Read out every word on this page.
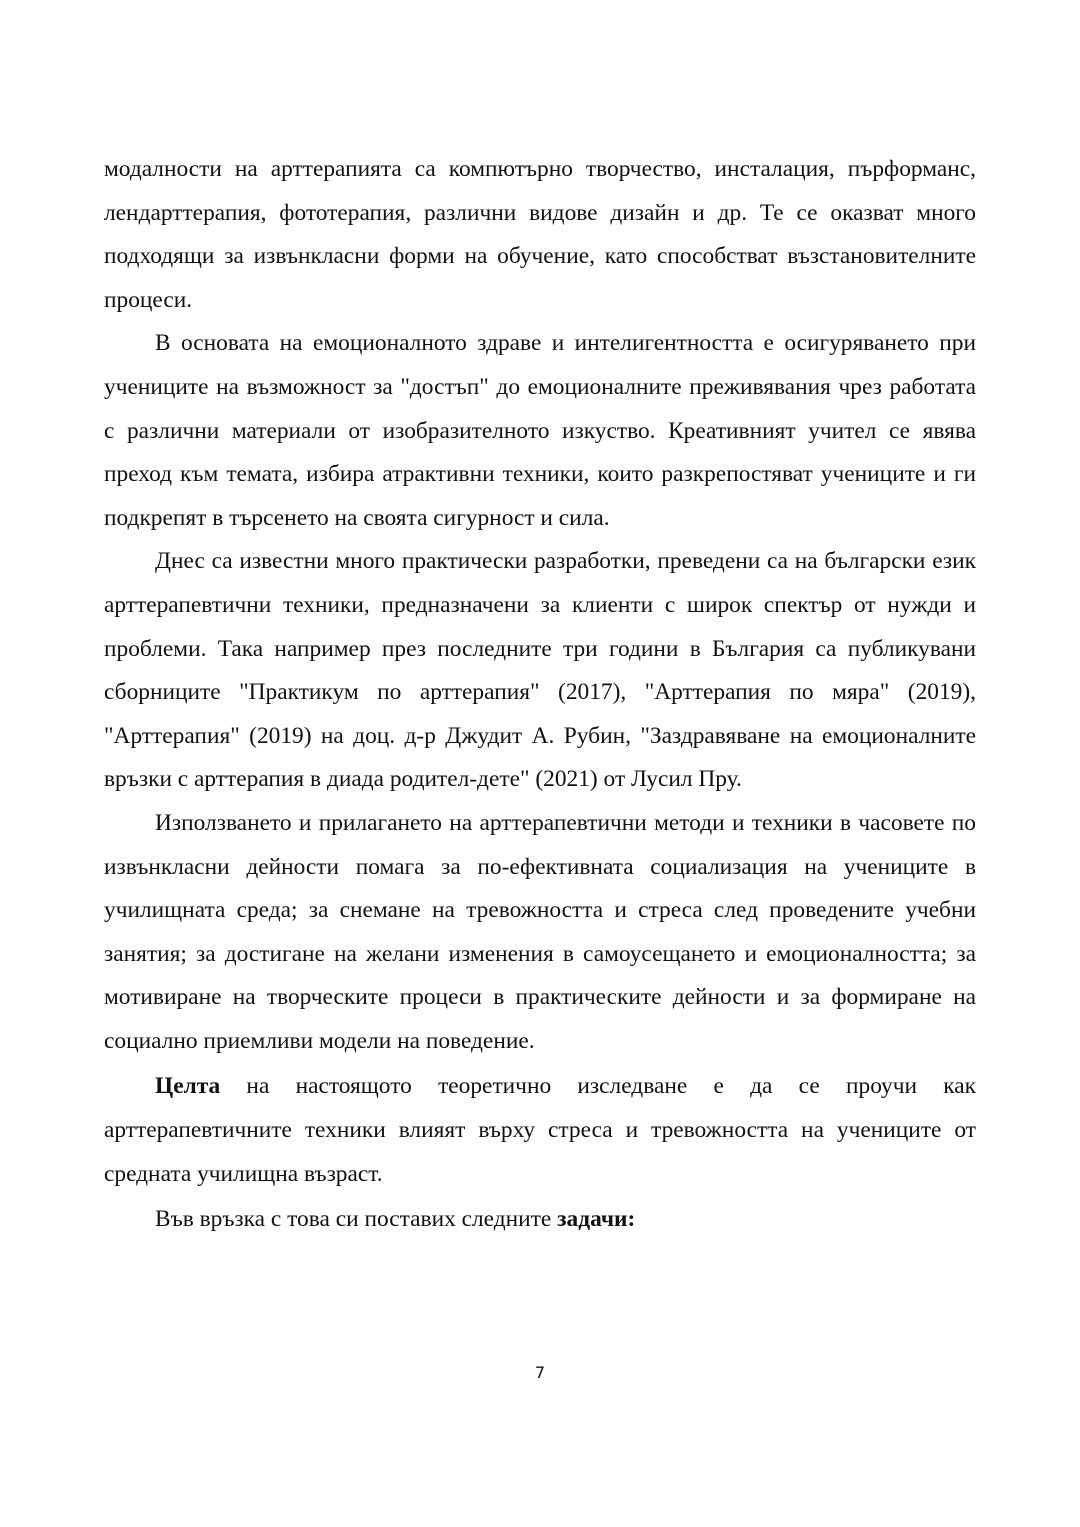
модалности на арттерапията са компютърно творчество, инсталация, пърформанс, лендарттерапия, фототерапия, различни видове дизайн и др. Те се оказват много подходящи за извънкласни форми на обучение, като способстват възстановителните процеси.

В основата на емоционалното здраве и интелигентността е осигуряването при учениците на възможност за "достъп" до емоционалните преживявания чрез работата с различни материали от изобразителното изкуство. Креативният учител се явява преход към темата, избира атрактивни техники, които разкрепостяват учениците и ги подкрепят в търсенето на своята сигурност и сила.

Днес са известни много практически разработки, преведени са на български език арттерапевтични техники, предназначени за клиенти с широк спектър от нужди и проблеми. Така например през последните три години в България са публикувани сборниците "Практикум по арттерапия" (2017), "Арттерапия по мяра" (2019), "Арттерапия" (2019) на доц. д-р Джудит А. Рубин, "Заздравяване на емоционалните връзки с арттерапия в диада родител-дете" (2021) от Лусил Пру.

Използването и прилагането на арттерапевтични методи и техники в часовете по извънкласни дейности помага за по-ефективната социализация на учениците в училищната среда; за снемане на тревожността и стреса след проведените учебни занятия; за достигане на желани изменения в самоусещането и емоционалността; за мотивиране на творческите процеси в практическите дейности и за формиране на социално приемливи модели на поведение.

Целта на настоящото теоретично изследване е да се проучи как арттерапевтичните техники влияят върху стреса и тревожността на учениците от средната училищна възраст.

Във връзка с това си поставих следните задачи:

7
